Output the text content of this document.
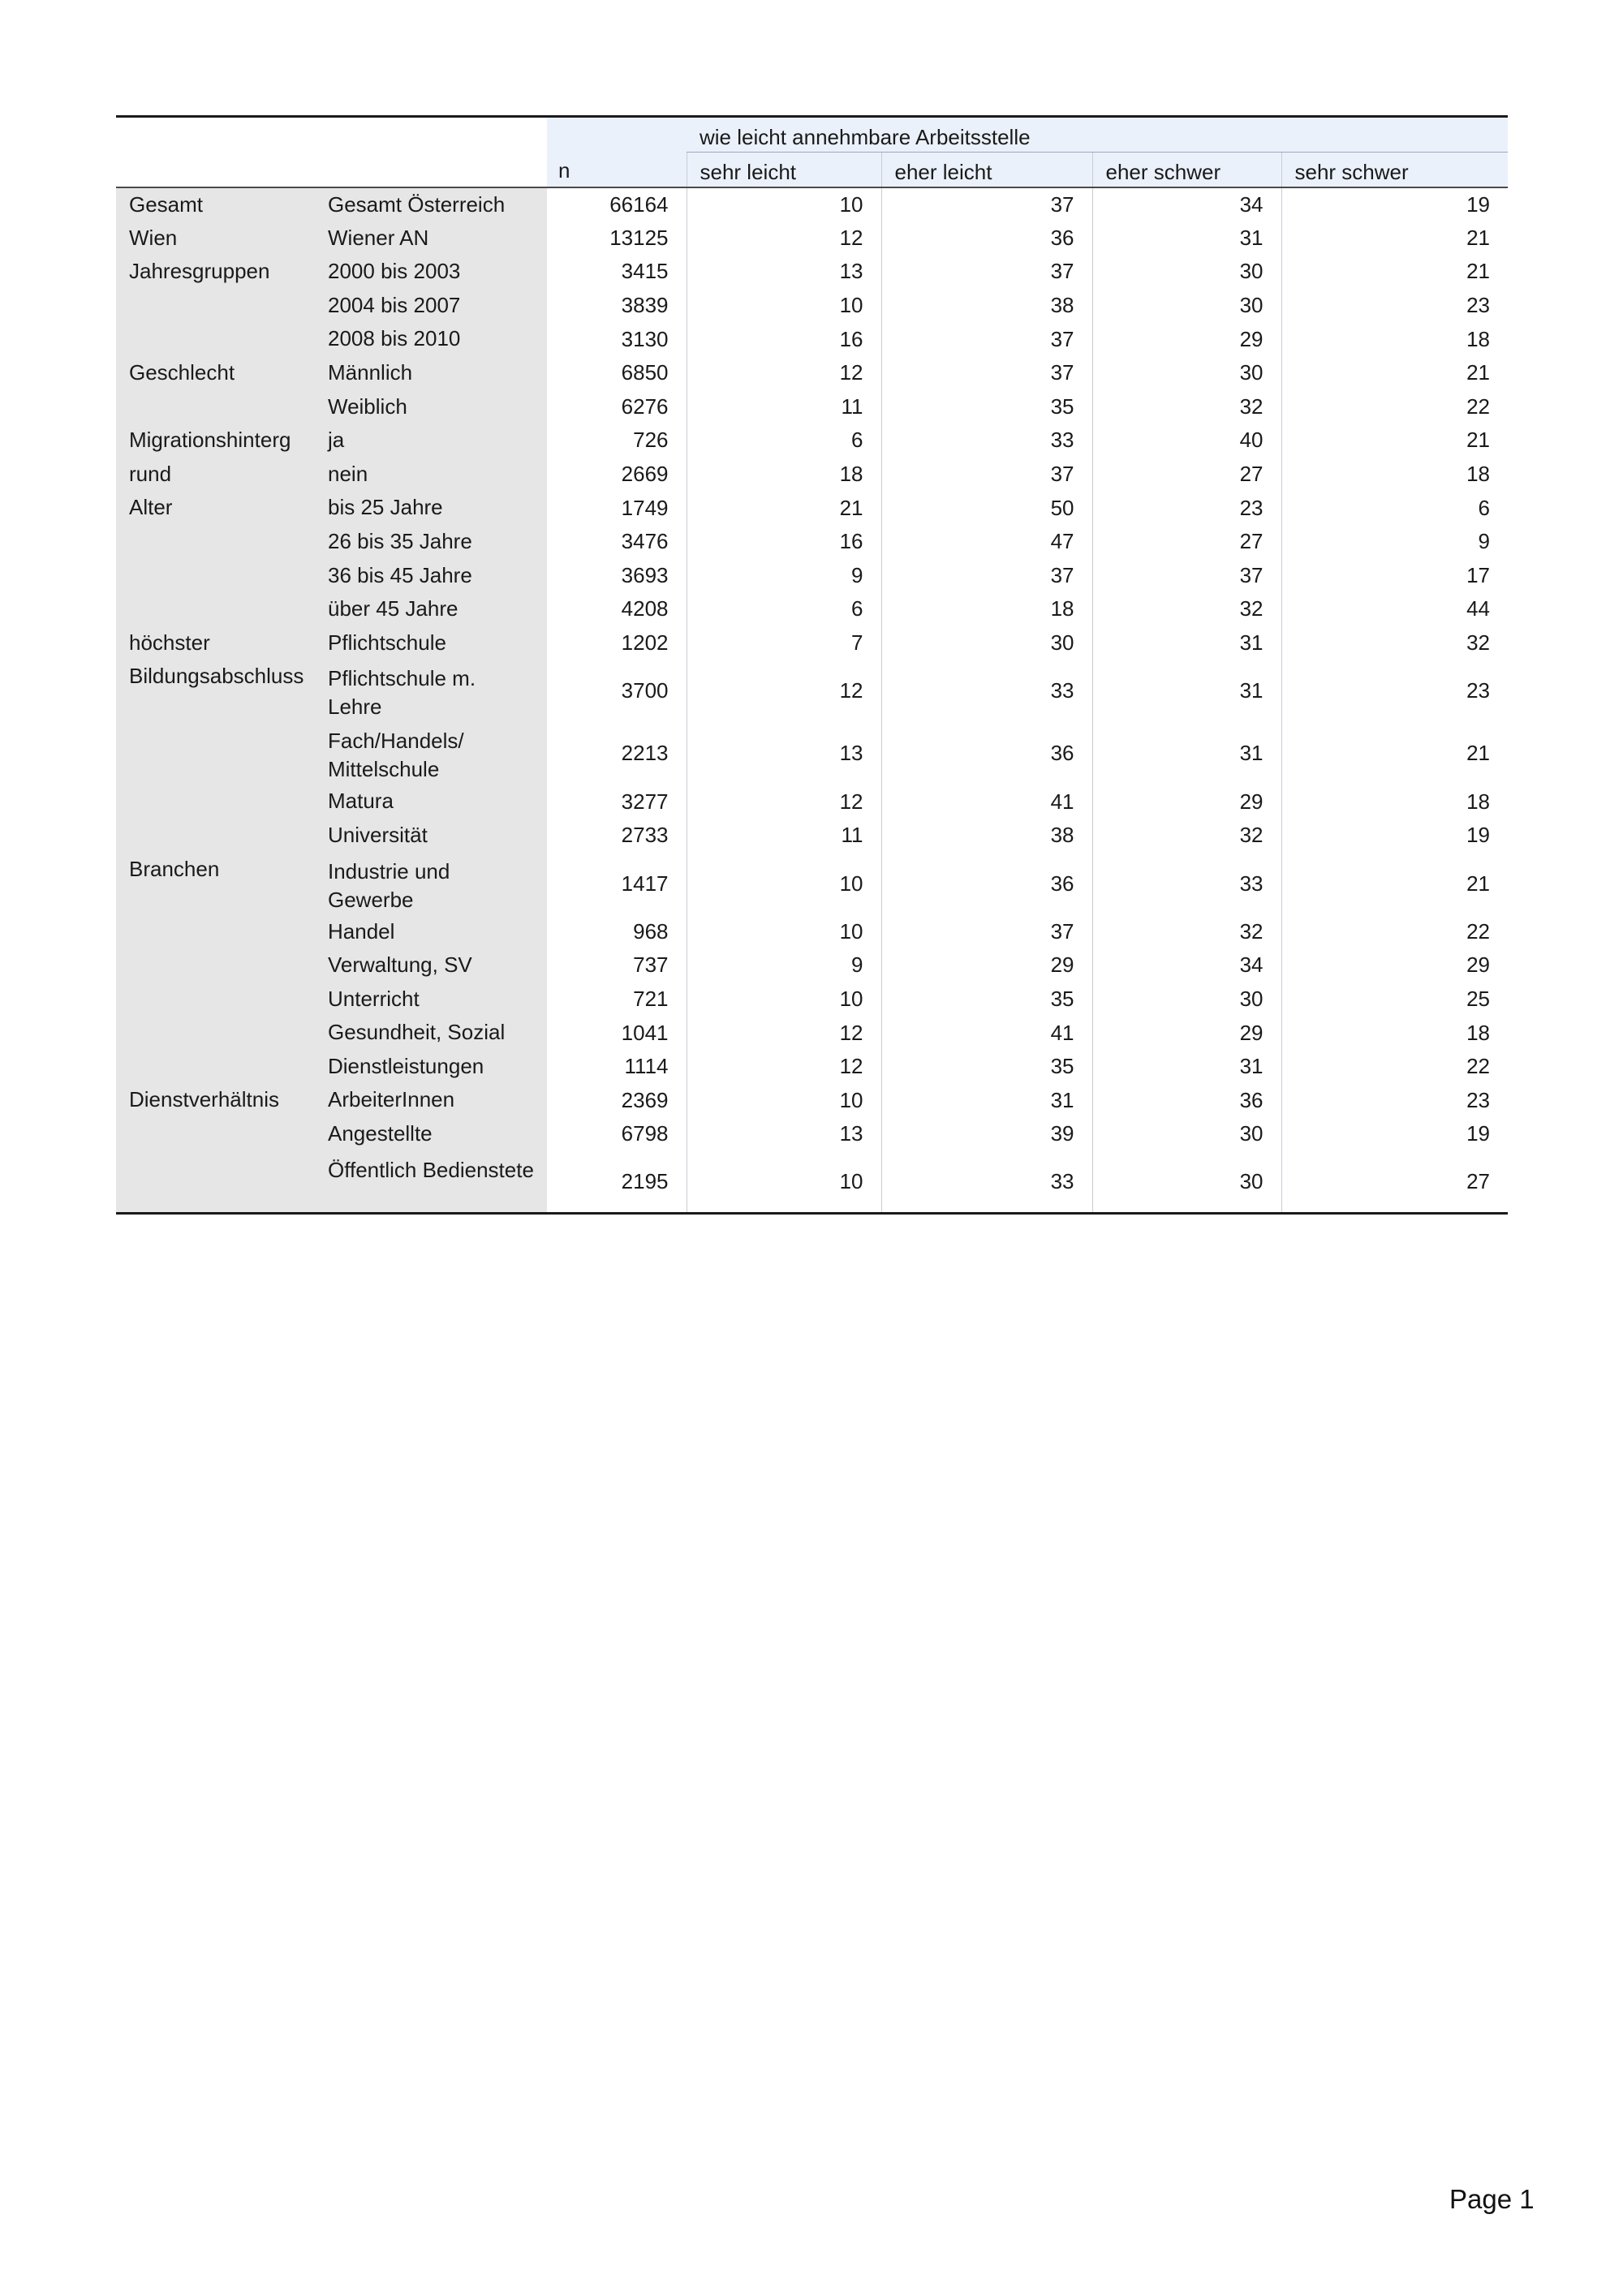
		n	wie leicht annehmbare Arbeitsstelle			
			sehr leicht	eher leicht	eher schwer	sehr schwer
Gesamt	Gesamt Österreich	66164	10	37	34	19
Wien	Wiener AN	13125	12	36	31	21
Jahresgruppen	2000 bis 2003	3415	13	37	30	21
	2004 bis 2007	3839	10	38	30	23
	2008 bis 2010	3130	16	37	29	18
Geschlecht	Männlich	6850	12	37	30	21
	Weiblich	6276	11	35	32	22
Migrationshinterg	ja	726	6	33	40	21
rund	nein	2669	18	37	27	18
Alter	bis 25 Jahre	1749	21	50	23	6
	26 bis 35 Jahre	3476	16	47	27	9
	36 bis 45 Jahre	3693	9	37	37	17
	über 45 Jahre	4208	6	18	32	44
höchster	Pflichtschule	1202	7	30	31	32
Bildungsabschluss	Pflichtschule m. Lehre	3700	12	33	31	23
	Fach/Handels/ Mittelschule	2213	13	36	31	21
	Matura	3277	12	41	29	18
	Universität	2733	11	38	32	19
Branchen	Industrie und Gewerbe	1417	10	36	33	21
	Handel	968	10	37	32	22
	Verwaltung, SV	737	9	29	34	29
	Unterricht	721	10	35	30	25
	Gesundheit, Sozial	1041	12	41	29	18
	Dienstleistungen	1114	12	35	31	22
Dienstverhältnis	ArbeiterInnen	2369	10	31	36	23
	Angestellte	6798	13	39	30	19
	Öffentlich Bedienstete	2195	10	33	30	27
Page 1
